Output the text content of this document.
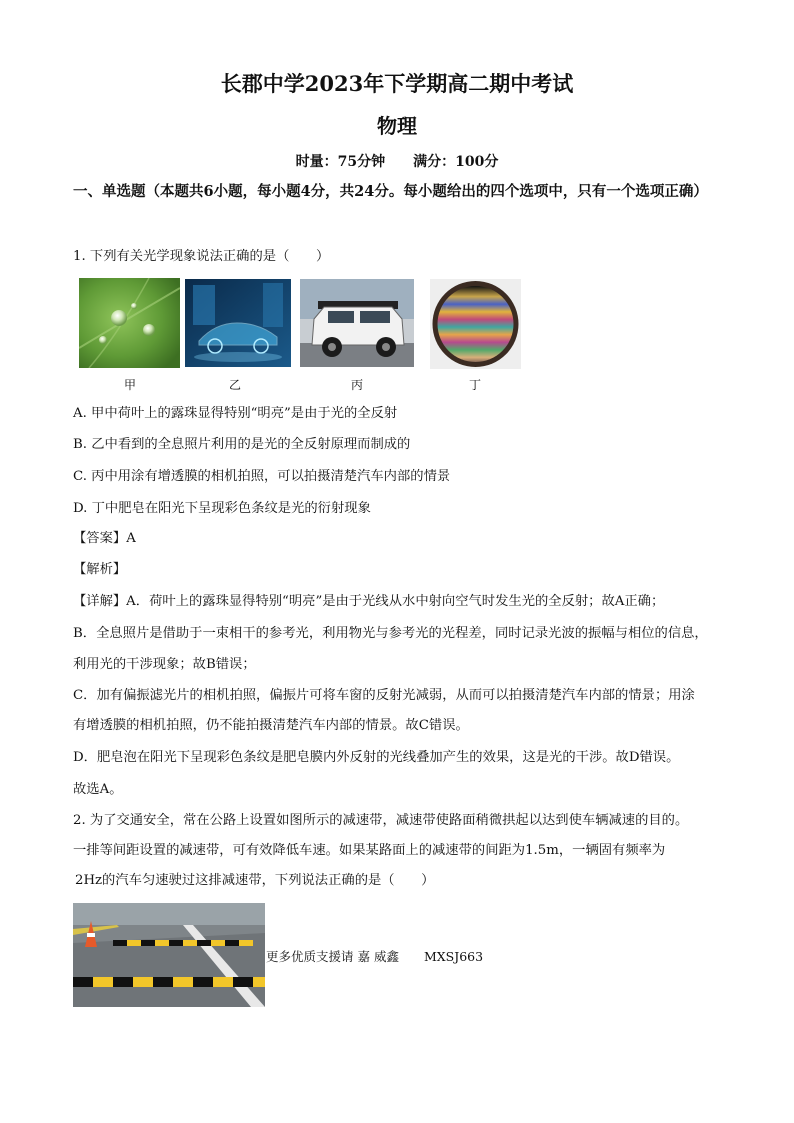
长郡中学2023年下学期高二期中考试
物理
时量：75分钟 满分：100分
一、单选题（本题共6小题，每小题4分，共24分。每小题给出的四个选项中，只有一个选项正确）
1. 下列有关光学现象说法正确的是（　　）
甲	乙	丙	丁
A. 甲中荷叶上的露珠显得特别“明亮”是由于光的全反射
B. 乙中看到的全息照片利用的是光的全反射原理而制成的
C. 丙中用涂有增透膜的相机拍照，可以拍摄清楚汽车内部的情景
D. 丁中肥皂在阳光下呈现彩色条纹是光的衍射现象
【答案】A
【解析】
【详解】A．荷叶上的露珠显得特别“明亮”是由于光线从水中射向空气时发生光的全反射；故A正确；
B．全息照片是借助于一束相干的参考光，利用物光与参考光的光程差，同时记录光波的振幅与相位的信息，
利用光的干涉现象；故B错误；
C．加有偏振滤光片的相机拍照，偏振片可将车窗的反射光减弱，从而可以拍摄清楚汽车内部的情景；用涂
有增透膜的相机拍照，仍不能拍摄清楚汽车内部的情景。故C错误。
D．肥皂泡在阳光下呈现彩色条纹是肥皂膜内外反射的光线叠加产生的效果，这是光的干涉。故D错误。
故选A。
2. 为了交通安全，常在公路上设置如图所示的减速带，减速带使路面稍微拱起以达到使车辆减速的目的。
一排等间距设置的减速带，可有效降低车速。如果某路面上的减速带的间距为1.5m，一辆固有频率为
2Hz的汽车匀速驶过这排减速带，下列说法正确的是（　　）
更多优质支援请 嘉 威鑫　　MXSJ663
